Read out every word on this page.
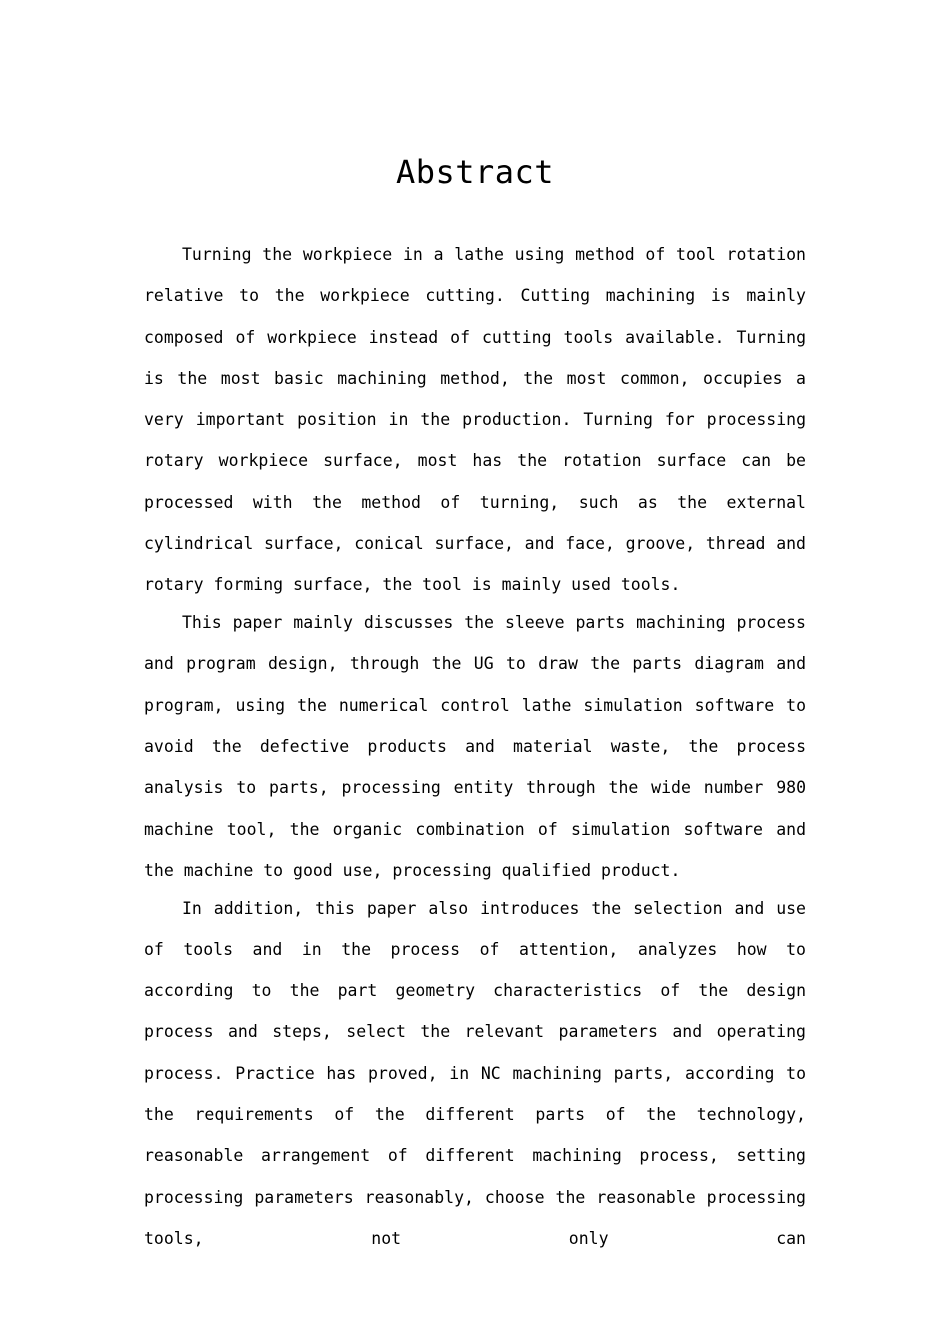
Abstract

Turning the workpiece in a lathe using method of tool rotation relative to the workpiece cutting. Cutting machining is mainly composed of workpiece instead of cutting tools available. Turning is the most basic machining method, the most common, occupies a very important position in the production. Turning for processing rotary workpiece surface, most has the rotation surface can be processed with the method of turning, such as the external cylindrical surface, conical surface, and face, groove, thread and rotary forming surface, the tool is mainly used tools.

This paper mainly discusses the sleeve parts machining process and program design, through the UG to draw the parts diagram and program, using the numerical control lathe simulation software to avoid the defective products and material waste, the process analysis to parts, processing entity through the wide number 980 machine tool, the organic combination of simulation software and the machine to good use, processing qualified product.

In addition, this paper also introduces the selection and use of tools and in the process of attention, analyzes how to according to the part geometry characteristics of the design process and steps, select the relevant parameters and operating process. Practice has proved, in NC machining parts, according to the requirements of the different parts of the technology, reasonable arrangement of different machining process, setting processing parameters reasonably, choose the reasonable processing tools, not only can
